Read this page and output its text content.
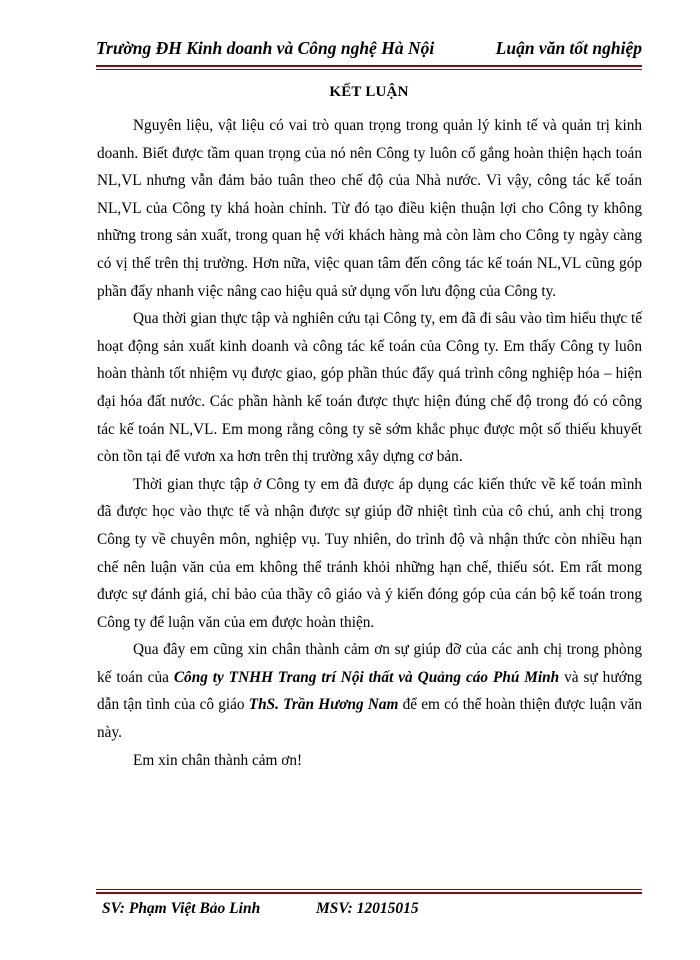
Trường ĐH Kinh doanh và Công nghệ Hà Nội	Luận văn tốt nghiệp
KẾT LUẬN

Nguyên liệu, vật liệu có vai trò quan trọng trong quản lý kinh tế và quản trị kinh doanh. Biết được tầm quan trọng của nó nên Công ty luôn cố gắng hoàn thiện hạch toán NL,VL nhưng vẫn đảm bảo tuân theo chế độ của Nhà nước. Vì vậy, công tác kế toán NL,VL của Công ty khá hoàn chỉnh. Từ đó tạo điều kiện thuận lợi cho Công ty không những trong sản xuất, trong quan hệ với khách hàng mà còn làm cho Công ty ngày càng có vị thế trên thị trường. Hơn nữa, việc quan tâm đến công tác kế toán NL,VL cũng góp phần đẩy nhanh việc nâng cao hiệu quả sử dụng vốn lưu động của Công ty.

Qua thời gian thực tập và nghiên cứu tại Công ty, em đã đi sâu vào tìm hiểu thực tế hoạt động sản xuất kinh doanh và công tác kế toán của Công ty. Em thấy Công ty luôn hoàn thành tốt nhiệm vụ được giao, góp phần thúc đẩy quá trình công nghiệp hóa – hiện đại hóa đất nước. Các phần hành kế toán được thực hiện đúng chế độ trong đó có công tác kế toán NL,VL. Em mong rằng công ty sẽ sớm khắc phục được một số thiếu khuyết còn tồn tại để vươn xa hơn trên thị trường xây dựng cơ bản.

Thời gian thực tập ở Công ty em đã được áp dụng các kiến thức về kế toán mình đã được học vào thực tế và nhận được sự giúp đỡ nhiệt tình của cô chú, anh chị trong Công ty về chuyên môn, nghiệp vụ. Tuy nhiên, do trình độ và nhận thức còn nhiều hạn chế nên luận văn của em không thể tránh khỏi những hạn chế, thiếu sót. Em rất mong được sự đánh giá, chỉ bảo của thầy cô giáo và ý kiến đóng góp của cán bộ kế toán trong Công ty để luận văn của em được hoàn thiện.

Qua đây em cũng xin chân thành cảm ơn sự giúp đỡ của các anh chị trong phòng kế toán của Công ty TNHH Trang trí Nội thất và Quảng cáo Phú Minh và sự hướng dẫn tận tình của cô giáo ThS. Trần Hương Nam để em có thể hoàn thiện được luận văn này.

Em xin chân thành cảm ơn!

SV: Phạm Việt Bảo Linh	MSV: 12015015
